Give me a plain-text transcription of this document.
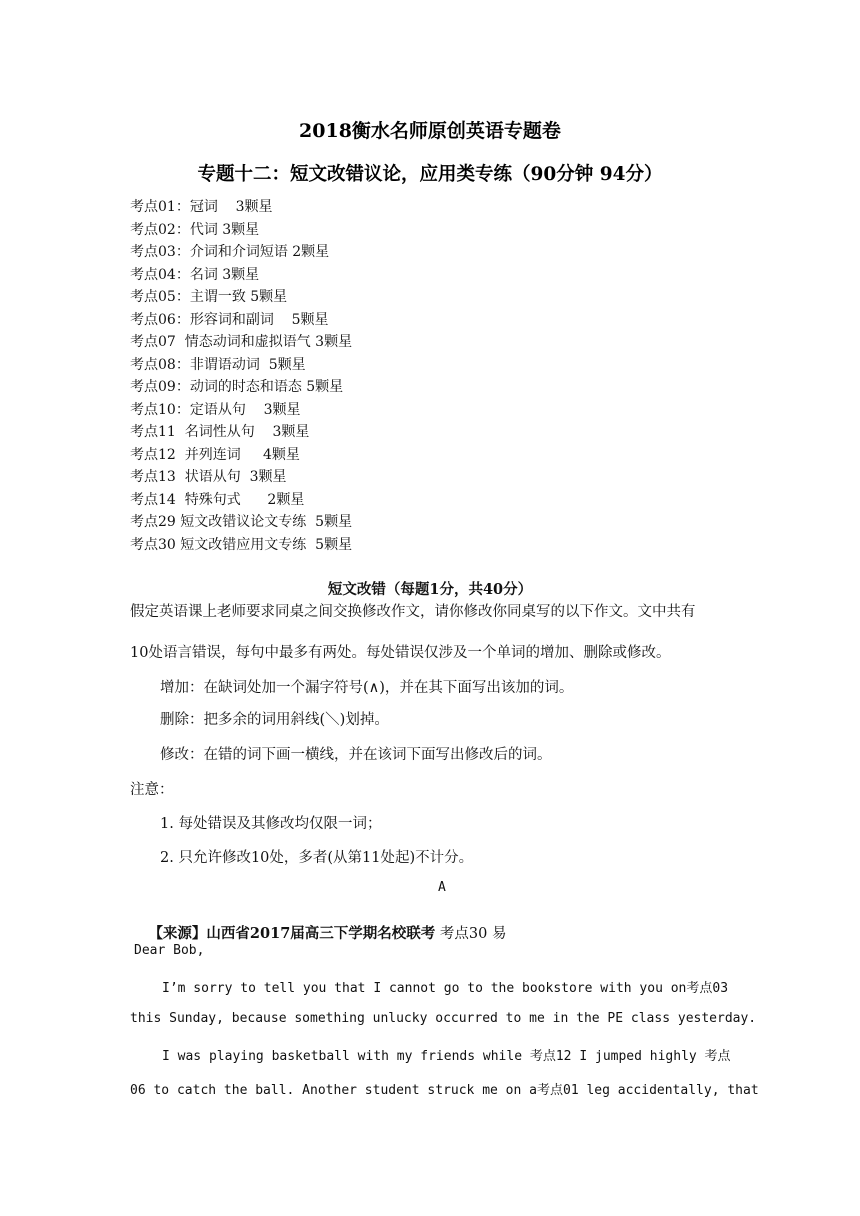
2018衡水名师原创英语专题卷
专题十二：短文改错议论，应用类专练（90分钟 94分）
考点01：冠词    3颗星
考点02：代词 3颗星
考点03：介词和介词短语 2颗星
考点04：名词 3颗星
考点05：主谓一致 5颗星
考点06：形容词和副词    5颗星
考点07  情态动词和虚拟语气 3颗星
考点08：非谓语动词  5颗星
考点09：动词的时态和语态 5颗星
考点10：定语从句    3颗星
考点11  名词性从句    3颗星
考点12  并列连词     4颗星
考点13  状语从句  3颗星
考点14  特殊句式      2颗星
考点29 短文改错议论文专练  5颗星
考点30 短文改错应用文专练  5颗星
短文改错（每题1分，共40分）
假定英语课上老师要求同桌之间交换修改作文，请你修改你同桌写的以下作文。文中共有
10处语言错误，每句中最多有两处。每处错误仅涉及一个单词的增加、删除或修改。
增加：在缺词处加一个漏字符号(∧)，并在其下面写出该加的词。
删除：把多余的词用斜线(＼)划掉。
修改：在错的词下画一横线，并在该词下面写出修改后的词。
注意：
1. 每处错误及其修改均仅限一词；
2. 只允许修改10处，多者(从第11处起)不计分。
A

【来源】山西省2017届高三下学期名校联考 考点30 易

Dear Bob,
I’m sorry to tell you that I cannot go to the bookstore with you on考点03
this Sunday, because something unlucky occurred to me in the PE class yesterday.
I was playing basketball with my friends while 考点12 I jumped highly 考点
06 to catch the ball. Another student struck me on a考点01 leg accidentally, that
